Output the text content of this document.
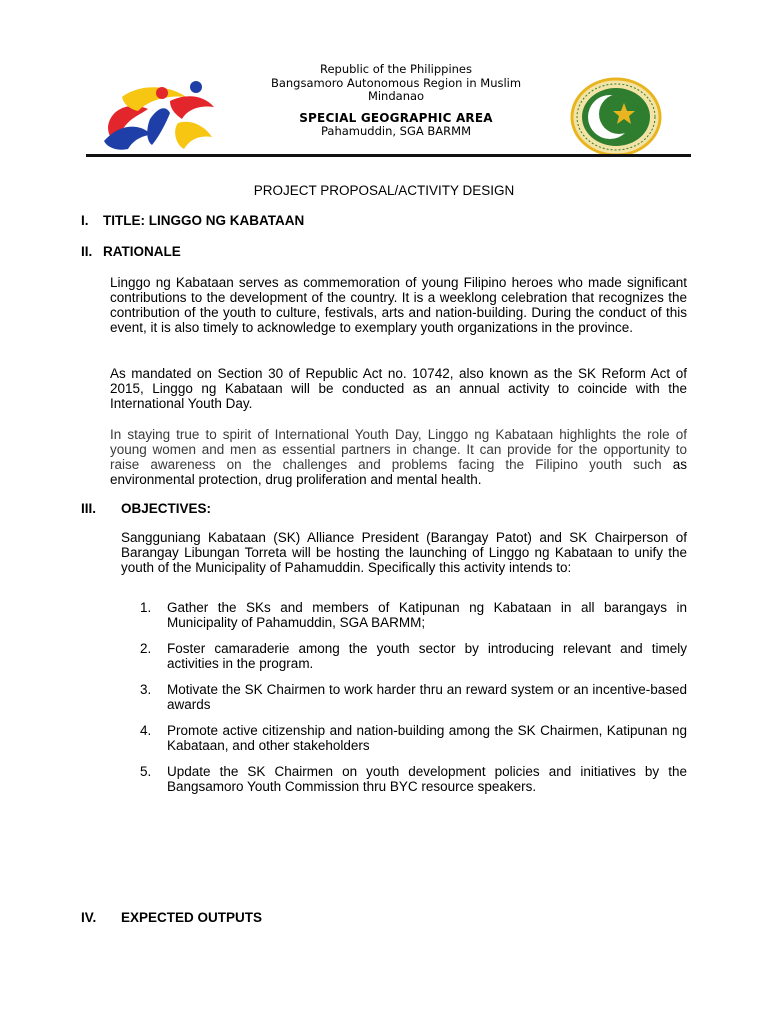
Republic of the Philippines
Bangsamoro Autonomous Region in Muslim Mindanao
SPECIAL GEOGRAPHIC AREA
Pahamuddin, SGA BARMM
PROJECT PROPOSAL/ACTIVITY DESIGN
I. TITLE: LINGGO NG KABATAAN
II. RATIONALE
Linggo ng Kabataan serves as commemoration of young Filipino heroes who made significant contributions to the development of the country. It is a weeklong celebration that recognizes the contribution of the youth to culture, festivals, arts and nation-building. During the conduct of this event, it is also timely to acknowledge to exemplary youth organizations in the province.
As mandated on Section 30 of Republic Act no. 10742, also known as the SK Reform Act of 2015, Linggo ng Kabataan will be conducted as an annual activity to coincide with the International Youth Day.
In staying true to spirit of International Youth Day, Linggo ng Kabataan highlights the role of young women and men as essential partners in change. It can provide for the opportunity to raise awareness on the challenges and problems facing the Filipino youth such as environmental protection, drug proliferation and mental health.
III. OBJECTIVES:
Sangguniang Kabataan (SK) Alliance President (Barangay Patot) and SK Chairperson of Barangay Libungan Torreta will be hosting the launching of Linggo ng Kabataan to unify the youth of the Municipality of Pahamuddin. Specifically this activity intends to:
1. Gather the SKs and members of Katipunan ng Kabataan in all barangays in Municipality of Pahamuddin, SGA BARMM;
2. Foster camaraderie among the youth sector by introducing relevant and timely activities in the program.
3. Motivate the SK Chairmen to work harder thru an reward system or an incentive-based awards
4. Promote active citizenship and nation-building among the SK Chairmen, Katipunan ng Kabataan, and other stakeholders
5. Update the SK Chairmen on youth development policies and initiatives by the Bangsamoro Youth Commission thru BYC resource speakers.
IV. EXPECTED OUTPUTS
